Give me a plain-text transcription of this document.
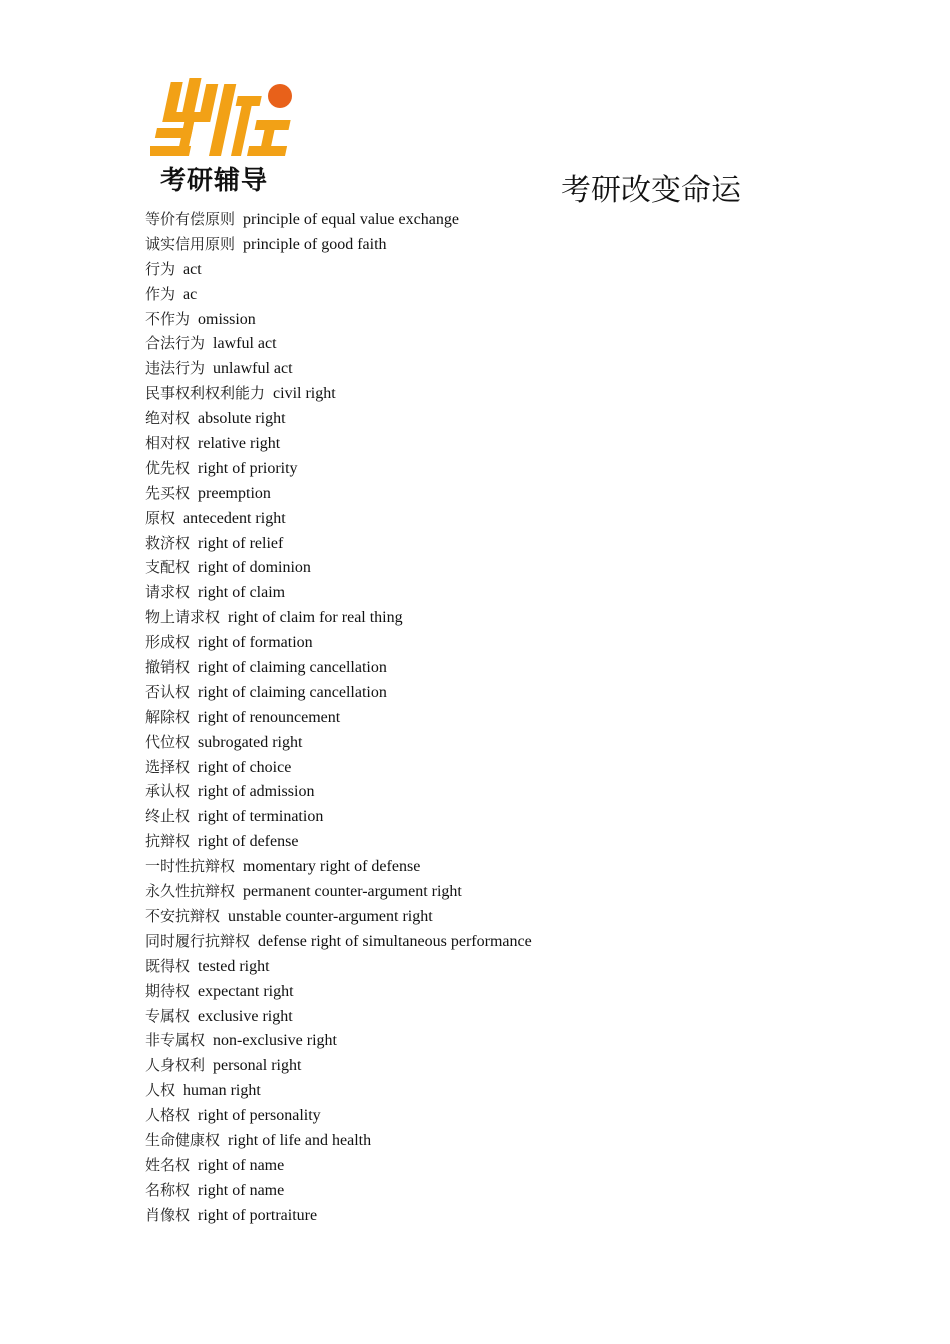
考研辅导	考研改变命运
等价有偿原则 principle of equal value exchange
诚实信用原则 principle of good faith
行为 act
作为 ac
不作为 omission
合法行为 lawful act
违法行为 unlawful act
民事权利权利能力 civil right
绝对权 absolute right
相对权 relative right
优先权 right of priority
先买权 preemption
原权 antecedent right
救济权 right of relief
支配权 right of dominion
请求权 right of claim
物上请求权 right of claim for real thing
形成权 right of formation
撤销权 right of claiming cancellation
否认权 right of claiming cancellation
解除权 right of renouncement
代位权 subrogated right
选择权 right of choice
承认权 right of admission
终止权 right of termination
抗辩权 right of defense
一时性抗辩权 momentary right of defense
永久性抗辩权 permanent counter-argument right
不安抗辩权 unstable counter-argument right
同时履行抗辩权 defense right of simultaneous performance
既得权 tested right
期待权 expectant right
专属权 exclusive right
非专属权 non-exclusive right
人身权利 personal right
人权 human right
人格权 right of personality
生命健康权 right of life and health
姓名权 right of name
名称权 right of name
肖像权 right of portraiture
